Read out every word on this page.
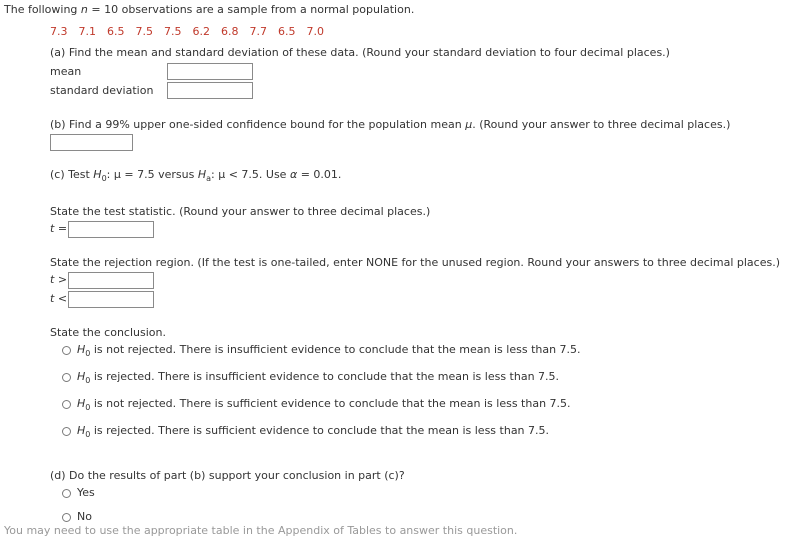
The following n = 10 observations are a sample from a normal population.
7.3 7.1 6.5 7.5 7.5 6.2 6.8 7.7 6.5 7.0
(a) Find the mean and standard deviation of these data. (Round your standard deviation to four decimal places.)
mean
standard deviation
(b) Find a 99% upper one-sided confidence bound for the population mean μ. (Round your answer to three decimal places.)
(c) Test $H_0$: μ = 7.5 versus $H_a$: μ < 7.5. Use α = 0.01.
State the test statistic. (Round your answer to three decimal places.)
t =
State the rejection region. (If the test is one-tailed, enter NONE for the unused region. Round your answers to three decimal places.)
t >
t <
State the conclusion.
$H_0$ is not rejected. There is insufficient evidence to conclude that the mean is less than 7.5.
$H_0$ is rejected. There is insufficient evidence to conclude that the mean is less than 7.5.
$H_0$ is not rejected. There is sufficient evidence to conclude that the mean is less than 7.5.
$H_0$ is rejected. There is sufficient evidence to conclude that the mean is less than 7.5.
(d) Do the results of part (b) support your conclusion in part (c)?
Yes
No
You may need to use the appropriate table in the Appendix of Tables to answer this question.
